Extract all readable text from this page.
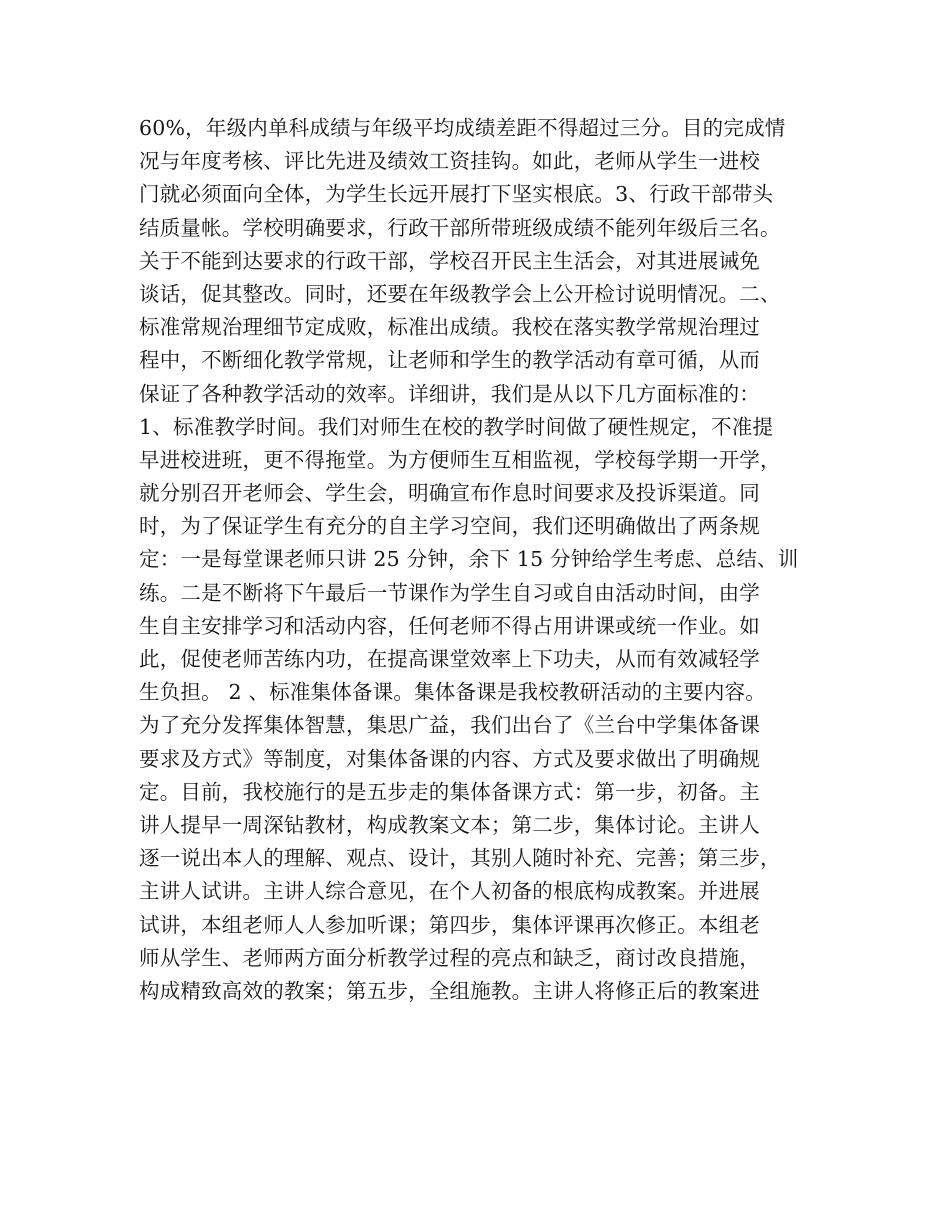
60%，年级内单科成绩与年级平均成绩差距不得超过三分。目的完成情
况与年度考核、评比先进及绩效工资挂钩。如此，老师从学生一进校
门就必须面向全体，为学生长远开展打下坚实根底。3、行政干部带头
结质量帐。学校明确要求，行政干部所带班级成绩不能列年级后三名。
关于不能到达要求的行政干部，学校召开民主生活会，对其进展诫免
谈话，促其整改。同时，还要在年级教学会上公开检讨说明情况。二、
标准常规治理细节定成败，标准出成绩。我校在落实教学常规治理过
程中，不断细化教学常规，让老师和学生的教学活动有章可循，从而
保证了各种教学活动的效率。详细讲，我们是从以下几方面标准的：
1、标准教学时间。我们对师生在校的教学时间做了硬性规定，不准提
早进校进班，更不得拖堂。为方便师生互相监视，学校每学期一开学，
就分别召开老师会、学生会，明确宣布作息时间要求及投诉渠道。同
时，为了保证学生有充分的自主学习空间，我们还明确做出了两条规
定：一是每堂课老师只讲 25 分钟，余下 15 分钟给学生考虑、总结、训
练。二是不断将下午最后一节课作为学生自习或自由活动时间，由学
生自主安排学习和活动内容，任何老师不得占用讲课或统一作业。如
此，促使老师苦练内功，在提高课堂效率上下功夫，从而有效减轻学
生负担。 2 、标准集体备课。集体备课是我校教研活动的主要内容。
为了充分发挥集体智慧，集思广益，我们出台了《兰台中学集体备课
要求及方式》等制度，对集体备课的内容、方式及要求做出了明确规
定。目前，我校施行的是五步走的集体备课方式：第一步，初备。主
讲人提早一周深钻教材，构成教案文本；第二步，集体讨论。主讲人
逐一说出本人的理解、观点、设计，其别人随时补充、完善；第三步，
主讲人试讲。主讲人综合意见，在个人初备的根底构成教案。并进展
试讲，本组老师人人参加听课；第四步，集体评课再次修正。本组老
师从学生、老师两方面分析教学过程的亮点和缺乏，商讨改良措施，
构成精致高效的教案；第五步，全组施教。主讲人将修正后的教案进
